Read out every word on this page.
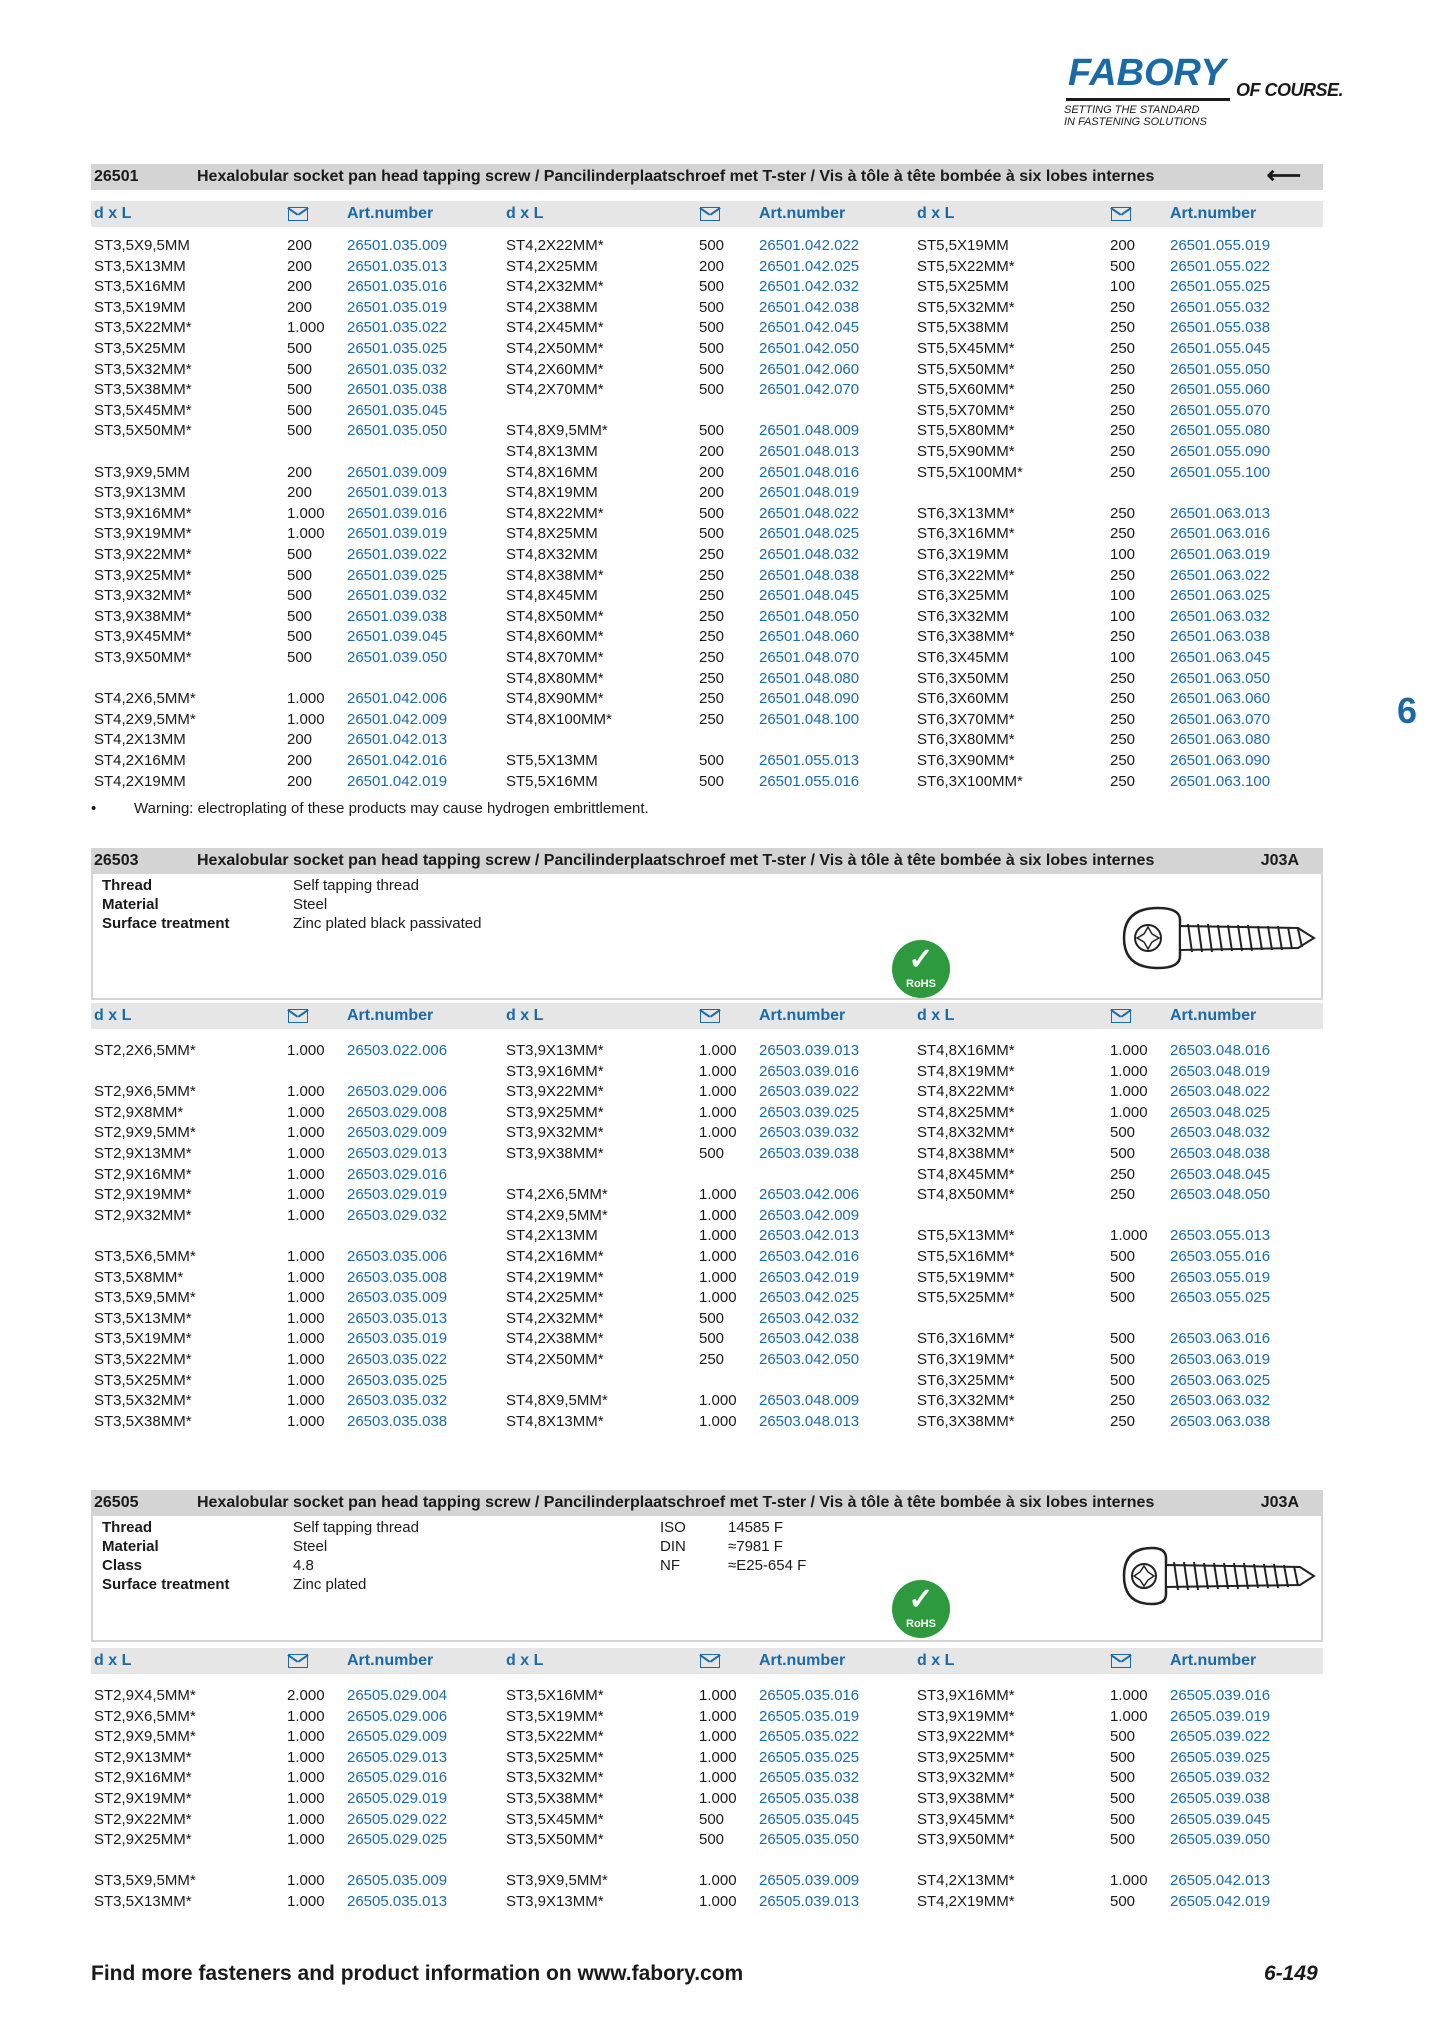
FABORY OF COURSE.
SETTING THE STANDARD
IN FASTENING SOLUTIONS
6
26501	Hexalobular socket pan head tapping screw / Pancilinderplaatschroef met T-ster / Vis à tôle à tête bombée à six lobes internes	⟵
•	Warning: electroplating of these products may cause hydrogen embrittlement.
26503	Hexalobular socket pan head tapping screw / Pancilinderplaatschroef met T-ster / Vis à tôle à tête bombée à six lobes internes	J03A
✓
RoHS
26505	Hexalobular socket pan head tapping screw / Pancilinderplaatschroef met T-ster / Vis à tôle à tête bombée à six lobes internes	J03A
✓
RoHS
Find more fasteners and product information on www.fabory.com	6-149
d x L	Art.number	d x L	Art.number	d x L	Art.number
d x L	Art.number	d x L	Art.number	d x L	Art.number
d x L	Art.number	d x L	Art.number	d x L	Art.number
ST3,5X9,5MM	200 26501.035.009
ST3,5X13MM	200 26501.035.013
ST3,5X16MM	200 26501.035.016
ST3,5X19MM	200 26501.035.019
ST3,5X22MM*	1.000 26501.035.022
ST3,5X25MM	500 26501.035.025
ST3,5X32MM*	500 26501.035.032
ST3,5X38MM*	500 26501.035.038
ST3,5X45MM*	500 26501.035.045
ST3,5X50MM*	500 26501.035.050
ST3,9X9,5MM	200 26501.039.009
ST3,9X13MM	200 26501.039.013
ST3,9X16MM*	1.000 26501.039.016
ST3,9X19MM*	1.000 26501.039.019
ST3,9X22MM*	500 26501.039.022
ST3,9X25MM*	500 26501.039.025
ST3,9X32MM*	500 26501.039.032
ST3,9X38MM*	500 26501.039.038
ST3,9X45MM*	500 26501.039.045
ST3,9X50MM*	500 26501.039.050
ST4,2X6,5MM*	1.000 26501.042.006
ST4,2X9,5MM*	1.000 26501.042.009
ST4,2X13MM	200 26501.042.013
ST4,2X16MM	200 26501.042.016
ST4,2X19MM	200 26501.042.019
ST4,2X22MM*	500 26501.042.022
ST4,2X25MM	200 26501.042.025
ST4,2X32MM*	500 26501.042.032
ST4,2X38MM	500 26501.042.038
ST4,2X45MM*	500 26501.042.045
ST4,2X50MM*	500 26501.042.050
ST4,2X60MM*	500 26501.042.060
ST4,2X70MM*	500 26501.042.070
ST4,8X9,5MM*	500 26501.048.009
ST4,8X13MM	200 26501.048.013
ST4,8X16MM	200 26501.048.016
ST4,8X19MM	200 26501.048.019
ST4,8X22MM*	500 26501.048.022
ST4,8X25MM	500 26501.048.025
ST4,8X32MM	250 26501.048.032
ST4,8X38MM*	250 26501.048.038
ST4,8X45MM	250 26501.048.045
ST4,8X50MM*	250 26501.048.050
ST4,8X60MM*	250 26501.048.060
ST4,8X70MM*	250 26501.048.070
ST4,8X80MM*	250 26501.048.080
ST4,8X90MM*	250 26501.048.090
ST4,8X100MM*	250 26501.048.100
ST5,5X13MM	500 26501.055.013
ST5,5X16MM	500 26501.055.016
ST5,5X19MM	200 26501.055.019
ST5,5X22MM*	500 26501.055.022
ST5,5X25MM	100 26501.055.025
ST5,5X32MM*	250 26501.055.032
ST5,5X38MM	250 26501.055.038
ST5,5X45MM*	250 26501.055.045
ST5,5X50MM*	250 26501.055.050
ST5,5X60MM*	250 26501.055.060
ST5,5X70MM*	250 26501.055.070
ST5,5X80MM*	250 26501.055.080
ST5,5X90MM*	250 26501.055.090
ST5,5X100MM*	250 26501.055.100
ST6,3X13MM*	250 26501.063.013
ST6,3X16MM*	250 26501.063.016
ST6,3X19MM	100 26501.063.019
ST6,3X22MM*	250 26501.063.022
ST6,3X25MM	100 26501.063.025
ST6,3X32MM	100 26501.063.032
ST6,3X38MM*	250 26501.063.038
ST6,3X45MM	100 26501.063.045
ST6,3X50MM	250 26501.063.050
ST6,3X60MM	250 26501.063.060
ST6,3X70MM*	250 26501.063.070
ST6,3X80MM*	250 26501.063.080
ST6,3X90MM*	250 26501.063.090
ST6,3X100MM*	250 26501.063.100
ST2,2X6,5MM*	1.000 26503.022.006
ST2,9X6,5MM*	1.000 26503.029.006
ST2,9X8MM*	1.000 26503.029.008
ST2,9X9,5MM*	1.000 26503.029.009
ST2,9X13MM*	1.000 26503.029.013
ST2,9X16MM*	1.000 26503.029.016
ST2,9X19MM*	1.000 26503.029.019
ST2,9X32MM*	1.000 26503.029.032
ST3,5X6,5MM*	1.000 26503.035.006
ST3,5X8MM*	1.000 26503.035.008
ST3,5X9,5MM*	1.000 26503.035.009
ST3,5X13MM*	1.000 26503.035.013
ST3,5X19MM*	1.000 26503.035.019
ST3,5X22MM*	1.000 26503.035.022
ST3,5X25MM*	1.000 26503.035.025
ST3,5X32MM*	1.000 26503.035.032
ST3,5X38MM*	1.000 26503.035.038
ST3,9X13MM*	1.000 26503.039.013
ST3,9X16MM*	1.000 26503.039.016
ST3,9X22MM*	1.000 26503.039.022
ST3,9X25MM*	1.000 26503.039.025
ST3,9X32MM*	1.000 26503.039.032
ST3,9X38MM*	500 26503.039.038
ST4,2X6,5MM*	1.000 26503.042.006
ST4,2X9,5MM*	1.000 26503.042.009
ST4,2X13MM	1.000 26503.042.013
ST4,2X16MM*	1.000 26503.042.016
ST4,2X19MM*	1.000 26503.042.019
ST4,2X25MM*	1.000 26503.042.025
ST4,2X32MM*	500 26503.042.032
ST4,2X38MM*	500 26503.042.038
ST4,2X50MM*	250 26503.042.050
ST4,8X9,5MM*	1.000 26503.048.009
ST4,8X13MM*	1.000 26503.048.013
ST4,8X16MM*	1.000 26503.048.016
ST4,8X19MM*	1.000 26503.048.019
ST4,8X22MM*	1.000 26503.048.022
ST4,8X25MM*	1.000 26503.048.025
ST4,8X32MM*	500 26503.048.032
ST4,8X38MM*	500 26503.048.038
ST4,8X45MM*	250 26503.048.045
ST4,8X50MM*	250 26503.048.050
ST5,5X13MM*	1.000 26503.055.013
ST5,5X16MM*	500 26503.055.016
ST5,5X19MM*	500 26503.055.019
ST5,5X25MM*	500 26503.055.025
ST6,3X16MM*	500 26503.063.016
ST6,3X19MM*	500 26503.063.019
ST6,3X25MM*	500 26503.063.025
ST6,3X32MM*	250 26503.063.032
ST6,3X38MM*	250 26503.063.038
ST2,9X4,5MM*	2.000 26505.029.004
ST2,9X6,5MM*	1.000 26505.029.006
ST2,9X9,5MM*	1.000 26505.029.009
ST2,9X13MM*	1.000 26505.029.013
ST2,9X16MM*	1.000 26505.029.016
ST2,9X19MM*	1.000 26505.029.019
ST2,9X22MM*	1.000 26505.029.022
ST2,9X25MM*	1.000 26505.029.025
ST3,5X9,5MM*	1.000 26505.035.009
ST3,5X13MM*	1.000 26505.035.013
ST3,5X16MM*	1.000 26505.035.016
ST3,5X19MM*	1.000 26505.035.019
ST3,5X22MM*	1.000 26505.035.022
ST3,5X25MM*	1.000 26505.035.025
ST3,5X32MM*	1.000 26505.035.032
ST3,5X38MM*	1.000 26505.035.038
ST3,5X45MM*	500 26505.035.045
ST3,5X50MM*	500 26505.035.050
ST3,9X9,5MM*	1.000 26505.039.009
ST3,9X13MM*	1.000 26505.039.013
ST3,9X16MM*	1.000 26505.039.016
ST3,9X19MM*	1.000 26505.039.019
ST3,9X22MM*	500 26505.039.022
ST3,9X25MM*	500 26505.039.025
ST3,9X32MM*	500 26505.039.032
ST3,9X38MM*	500 26505.039.038
ST3,9X45MM*	500 26505.039.045
ST3,9X50MM*	500 26505.039.050
ST4,2X13MM*	1.000 26505.042.013
ST4,2X19MM*	500 26505.042.019
Thread	Self tapping thread
Material	Steel
Surface treatment	Zinc plated black passivated
Thread	Self tapping thread
Material	Steel
Class	4.8
Surface treatment	Zinc plated
ISO	14585 F
DIN	≈7981 F
NF	≈E25-654 F
